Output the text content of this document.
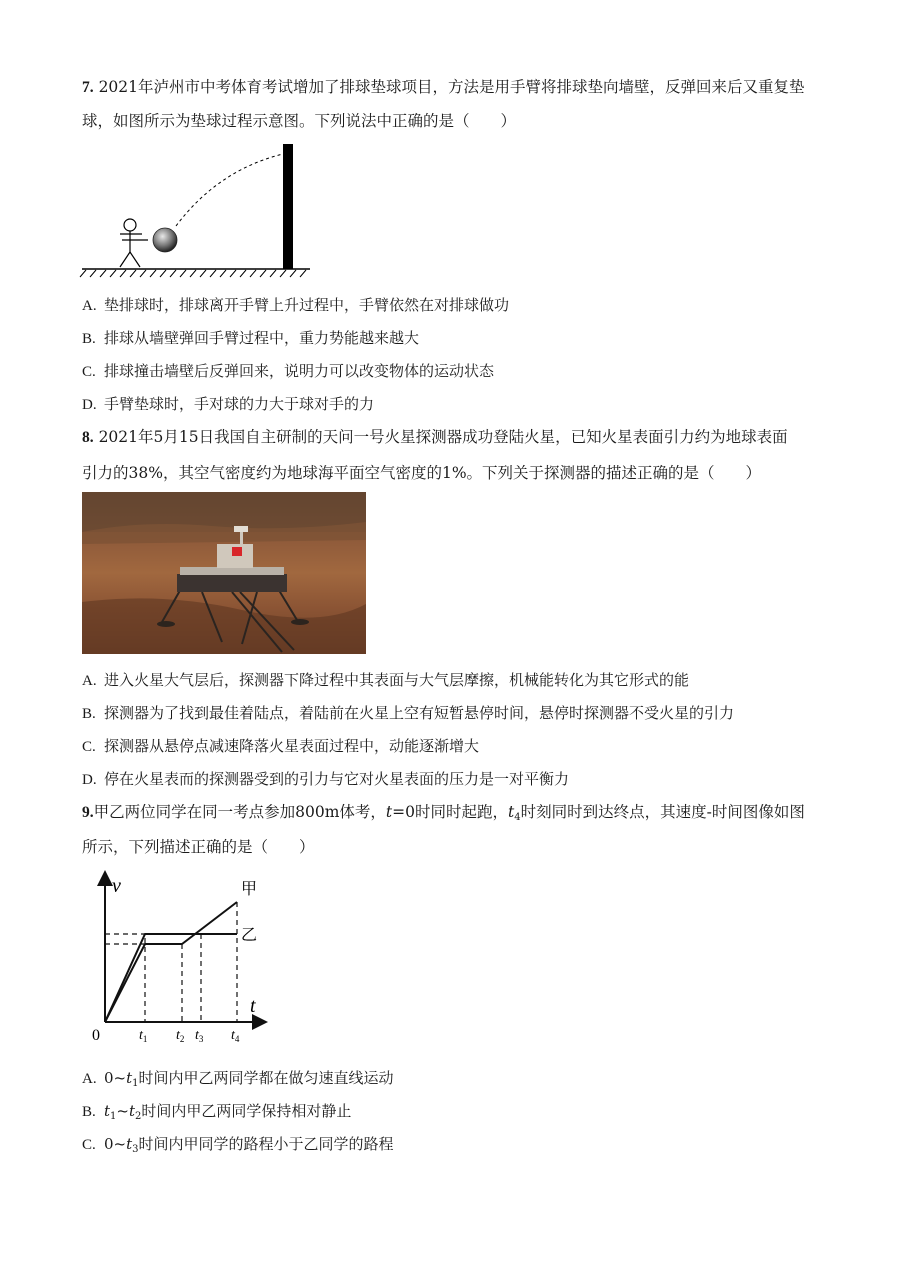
7. 2021年泸州市中考体育考试增加了排球垫球项目，方法是用手臂将排球垫向墙壁，反弹回来后又重复垫
球，如图所示为垫球过程示意图。下列说法中正确的是（　　）
A. 垫排球时，排球离开手臂上升过程中，手臂依然在对排球做功
B. 排球从墙壁弹回手臂过程中，重力势能越来越大
C. 排球撞击墙壁后反弹回来，说明力可以改变物体的运动状态
D. 手臂垫球时，手对球的力大于球对手的力
8. 2021年5月15日我国自主研制的天问一号火星探测器成功登陆火星，已知火星表面引力约为地球表面
引力的38%，其空气密度约为地球海平面空气密度的1%。下列关于探测器的描述正确的是（　　）
A. 进入火星大气层后，探测器下降过程中其表面与大气层摩擦，机械能转化为其它形式的能
B. 探测器为了找到最佳着陆点，着陆前在火星上空有短暂悬停时间，悬停时探测器不受火星的引力
C. 探测器从悬停点减速降落火星表面过程中，动能逐渐增大
D. 停在火星表而的探测器受到的引力与它对火星表面的压力是一对平衡力
9.甲乙两位同学在同一考点参加800m体考，t=0时同时起跑，$t_4$时刻同时到达终点，其速度-时间图像如图
所示，下列描述正确的是（　　）
v
t
0
甲
乙
$t_1$ $t_2$ $t_3$ $t_4$
A. $0\sim t_1$时间内甲乙两同学都在做匀速直线运动
B. $t_1\sim t_2$时间内甲乙两同学保持相对静止
C. $0\sim t_3$时间内甲同学的路程小于乙同学的路程
